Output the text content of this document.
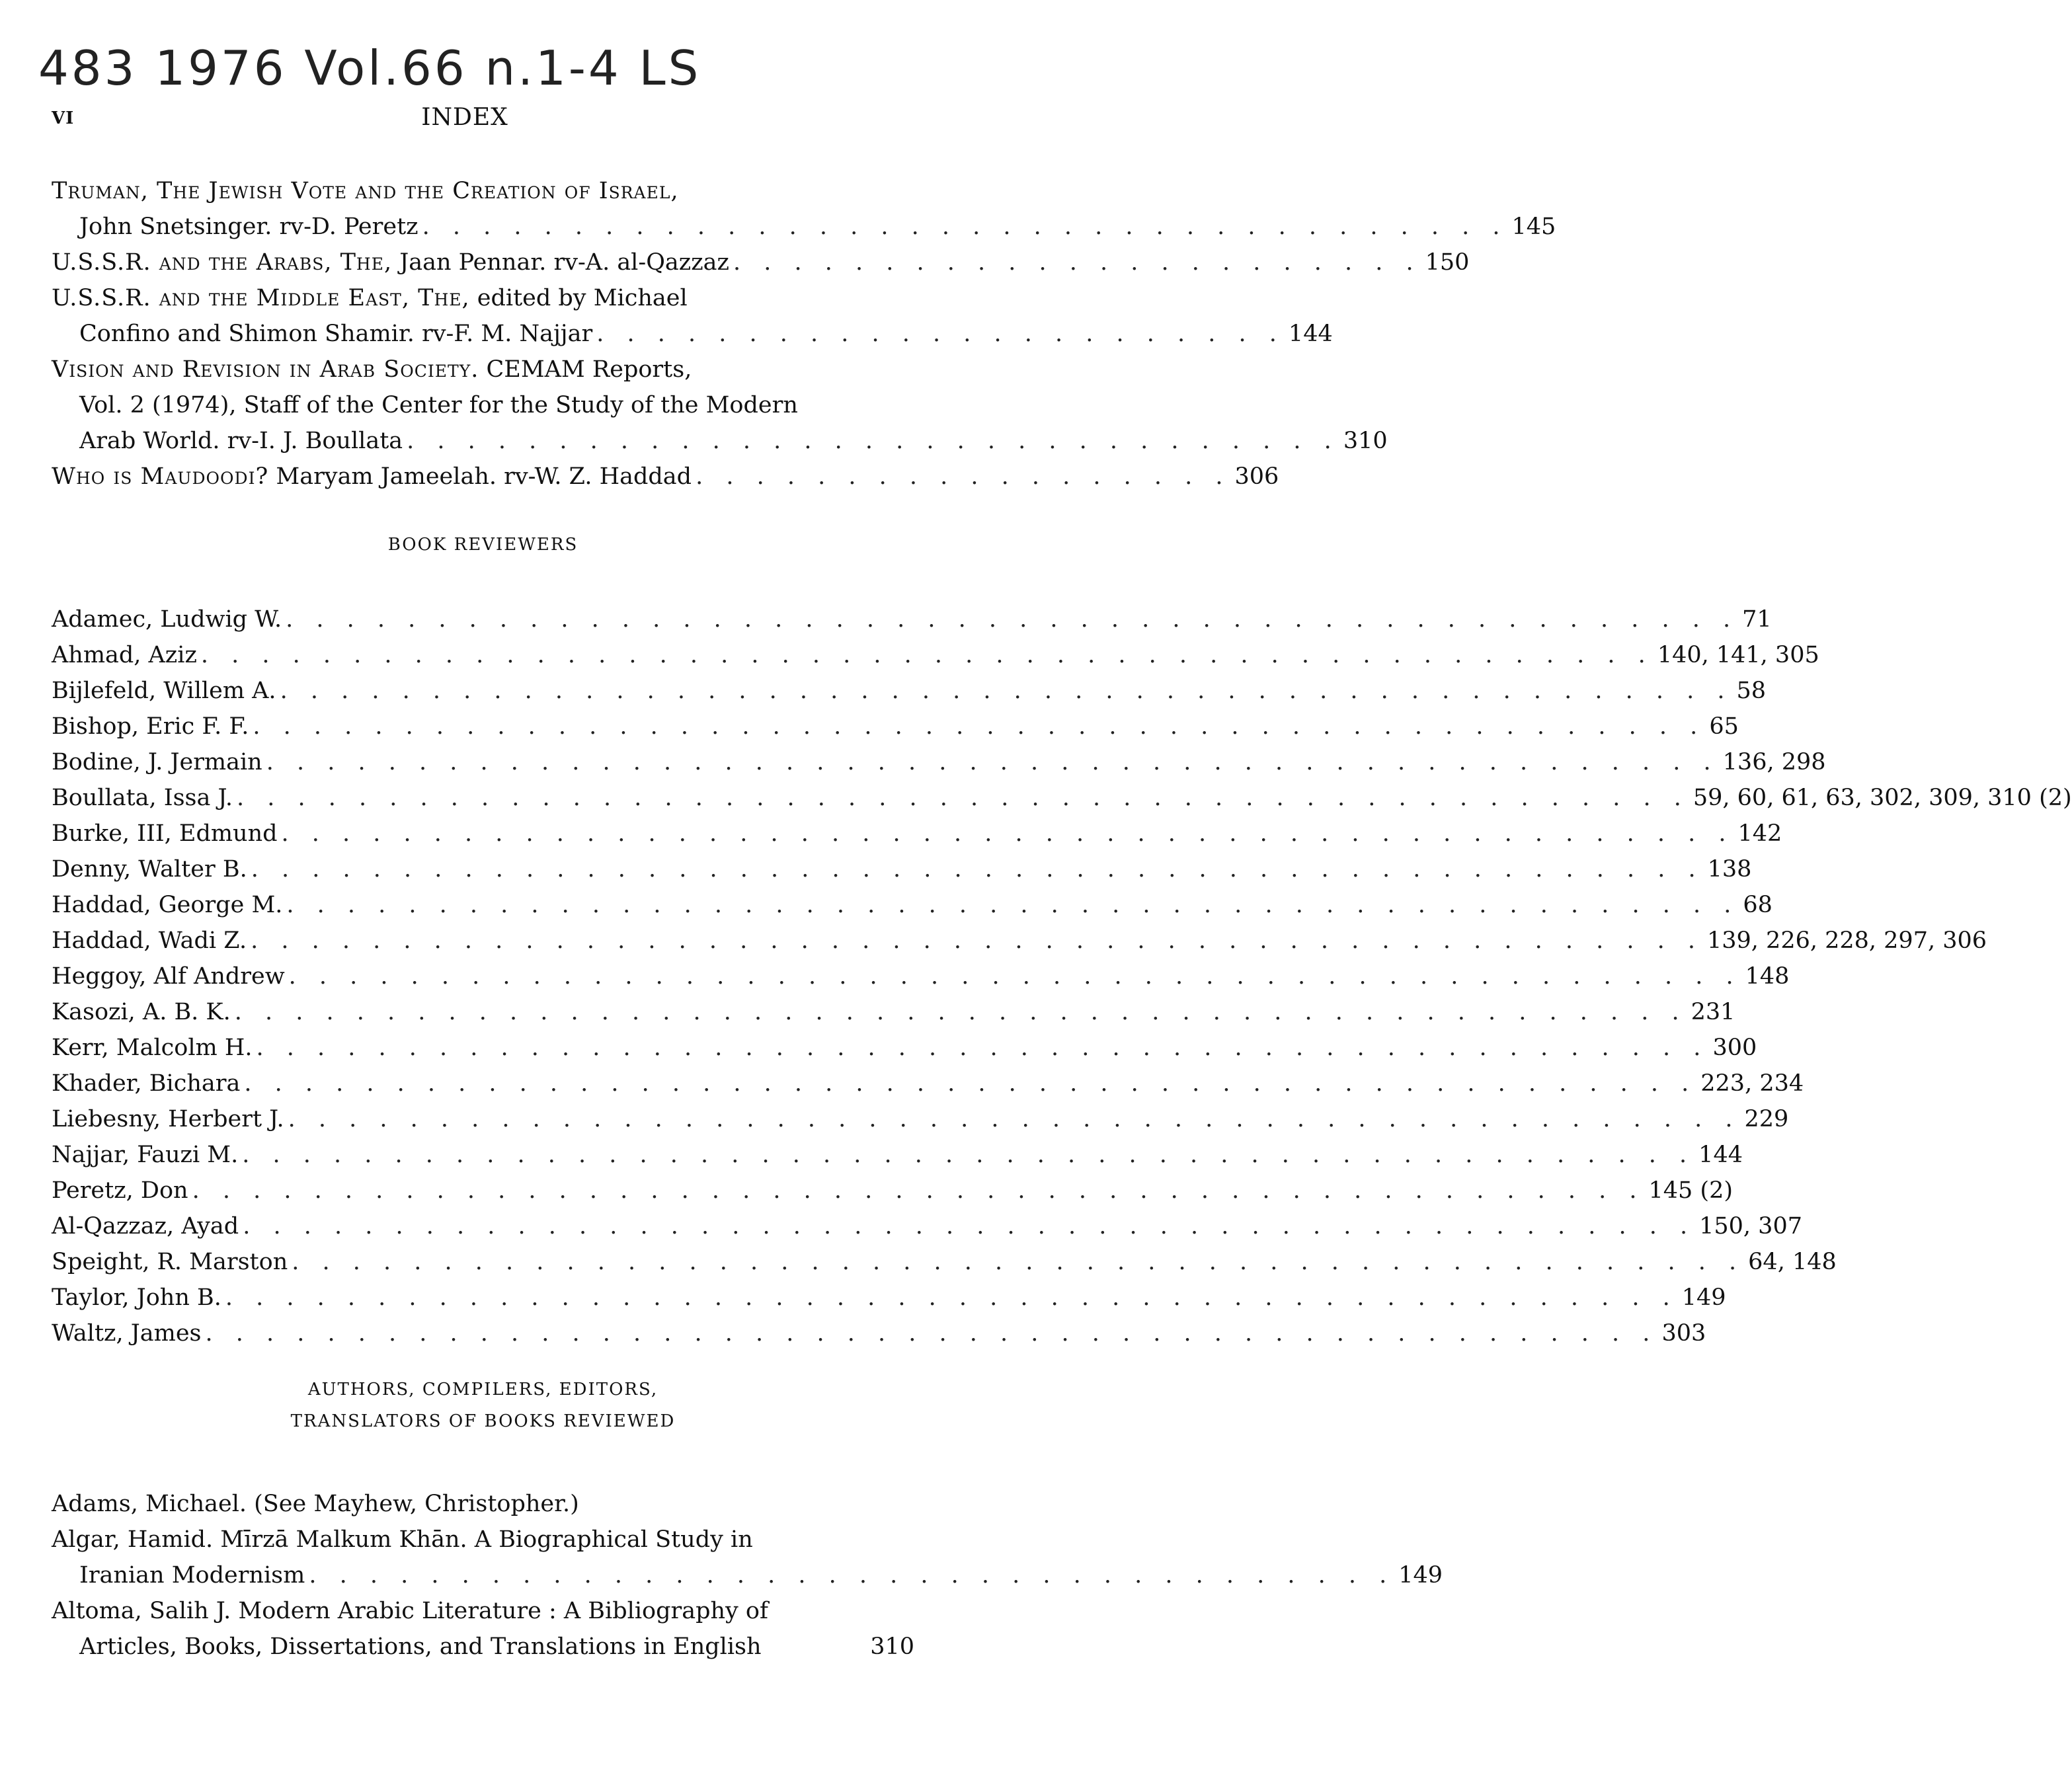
483 1976 Vol.66 n.1-4 LS
VI	INDEX
Truman, The Jewish Vote and the Creation of Israel,
John Snetsinger. rv-D. Peretz . . . . . . . . . . . . . . . . . . . . . . . . . . . . . . . . . . . . 145
U.S.S.R. and the Arabs, The, Jaan Pennar. rv-A. al-Qazzaz . . . . . . . . . . . . . . . . . . . . . . . 150
U.S.S.R. and the Middle East, The, edited by Michael
Confino and Shimon Shamir. rv-F. M. Najjar . . . . . . . . . . . . . . . . . . . . . . . 144
Vision and Revision in Arab Society. CEMAM Reports,
Vol. 2 (1974), Staff of the Center for the Study of the Modern
Arab World. rv-I. J. Boullata . . . . . . . . . . . . . . . . . . . . . . . . . . . . . . . 310
Who is Maudoodi? Maryam Jameelah. rv-W. Z. Haddad . . . . . . . . . . . . . . . . . . 306
BOOK REVIEWERS
Adamec, Ludwig W. . . . . . . . . . . . . . . . . . . . . . . . . . . . . . . . . . . . . . . . . . . . . . . . . 71
Ahmad, Aziz . . . . . . . . . . . . . . . . . . . . . . . . . . . . . . . . . . . . . . . . . . . . . . . . 140, 141, 305
Bijlefeld, Willem A. . . . . . . . . . . . . . . . . . . . . . . . . . . . . . . . . . . . . . . . . . . . . . . . . 58
Bishop, Eric F. F. . . . . . . . . . . . . . . . . . . . . . . . . . . . . . . . . . . . . . . . . . . . . . . . . 65
Bodine, J. Jermain . . . . . . . . . . . . . . . . . . . . . . . . . . . . . . . . . . . . . . . . . . . . . . . . 136, 298
Boullata, Issa J. . . . . . . . . . . . . . . . . . . . . . . . . . . . . . . . . . . . . . . . . . . . . . . . . 59, 60, 61, 63, 302, 309, 310 (2)
Burke, III, Edmund . . . . . . . . . . . . . . . . . . . . . . . . . . . . . . . . . . . . . . . . . . . . . . . . 142
Denny, Walter B. . . . . . . . . . . . . . . . . . . . . . . . . . . . . . . . . . . . . . . . . . . . . . . . . 138
Haddad, George M. . . . . . . . . . . . . . . . . . . . . . . . . . . . . . . . . . . . . . . . . . . . . . . . . 68
Haddad, Wadi Z. . . . . . . . . . . . . . . . . . . . . . . . . . . . . . . . . . . . . . . . . . . . . . . . . 139, 226, 228, 297, 306
Heggoy, Alf Andrew . . . . . . . . . . . . . . . . . . . . . . . . . . . . . . . . . . . . . . . . . . . . . . . . 148
Kasozi, A. B. K. . . . . . . . . . . . . . . . . . . . . . . . . . . . . . . . . . . . . . . . . . . . . . . . . 231
Kerr, Malcolm H. . . . . . . . . . . . . . . . . . . . . . . . . . . . . . . . . . . . . . . . . . . . . . . . . 300
Khader, Bichara . . . . . . . . . . . . . . . . . . . . . . . . . . . . . . . . . . . . . . . . . . . . . . . . 223, 234
Liebesny, Herbert J. . . . . . . . . . . . . . . . . . . . . . . . . . . . . . . . . . . . . . . . . . . . . . . . . 229
Najjar, Fauzi M. . . . . . . . . . . . . . . . . . . . . . . . . . . . . . . . . . . . . . . . . . . . . . . . . 144
Peretz, Don . . . . . . . . . . . . . . . . . . . . . . . . . . . . . . . . . . . . . . . . . . . . . . . . 145 (2)
Al-Qazzaz, Ayad . . . . . . . . . . . . . . . . . . . . . . . . . . . . . . . . . . . . . . . . . . . . . . . . 150, 307
Speight, R. Marston . . . . . . . . . . . . . . . . . . . . . . . . . . . . . . . . . . . . . . . . . . . . . . . . 64, 148
Taylor, John B. . . . . . . . . . . . . . . . . . . . . . . . . . . . . . . . . . . . . . . . . . . . . . . . . 149
Waltz, James . . . . . . . . . . . . . . . . . . . . . . . . . . . . . . . . . . . . . . . . . . . . . . . . 303
AUTHORS, COMPILERS, EDITORS,
TRANSLATORS OF BOOKS REVIEWED
Adams, Michael. (See Mayhew, Christopher.)
Algar, Hamid. Mīrzā Malkum Khān. A Biographical Study in
Iranian Modernism . . . . . . . . . . . . . . . . . . . . . . . . . . . . . . . . . . . . 149
Altoma, Salih J. Modern Arabic Literature : A Bibliography of
Articles, Books, Dissertations, and Translations in English	310
